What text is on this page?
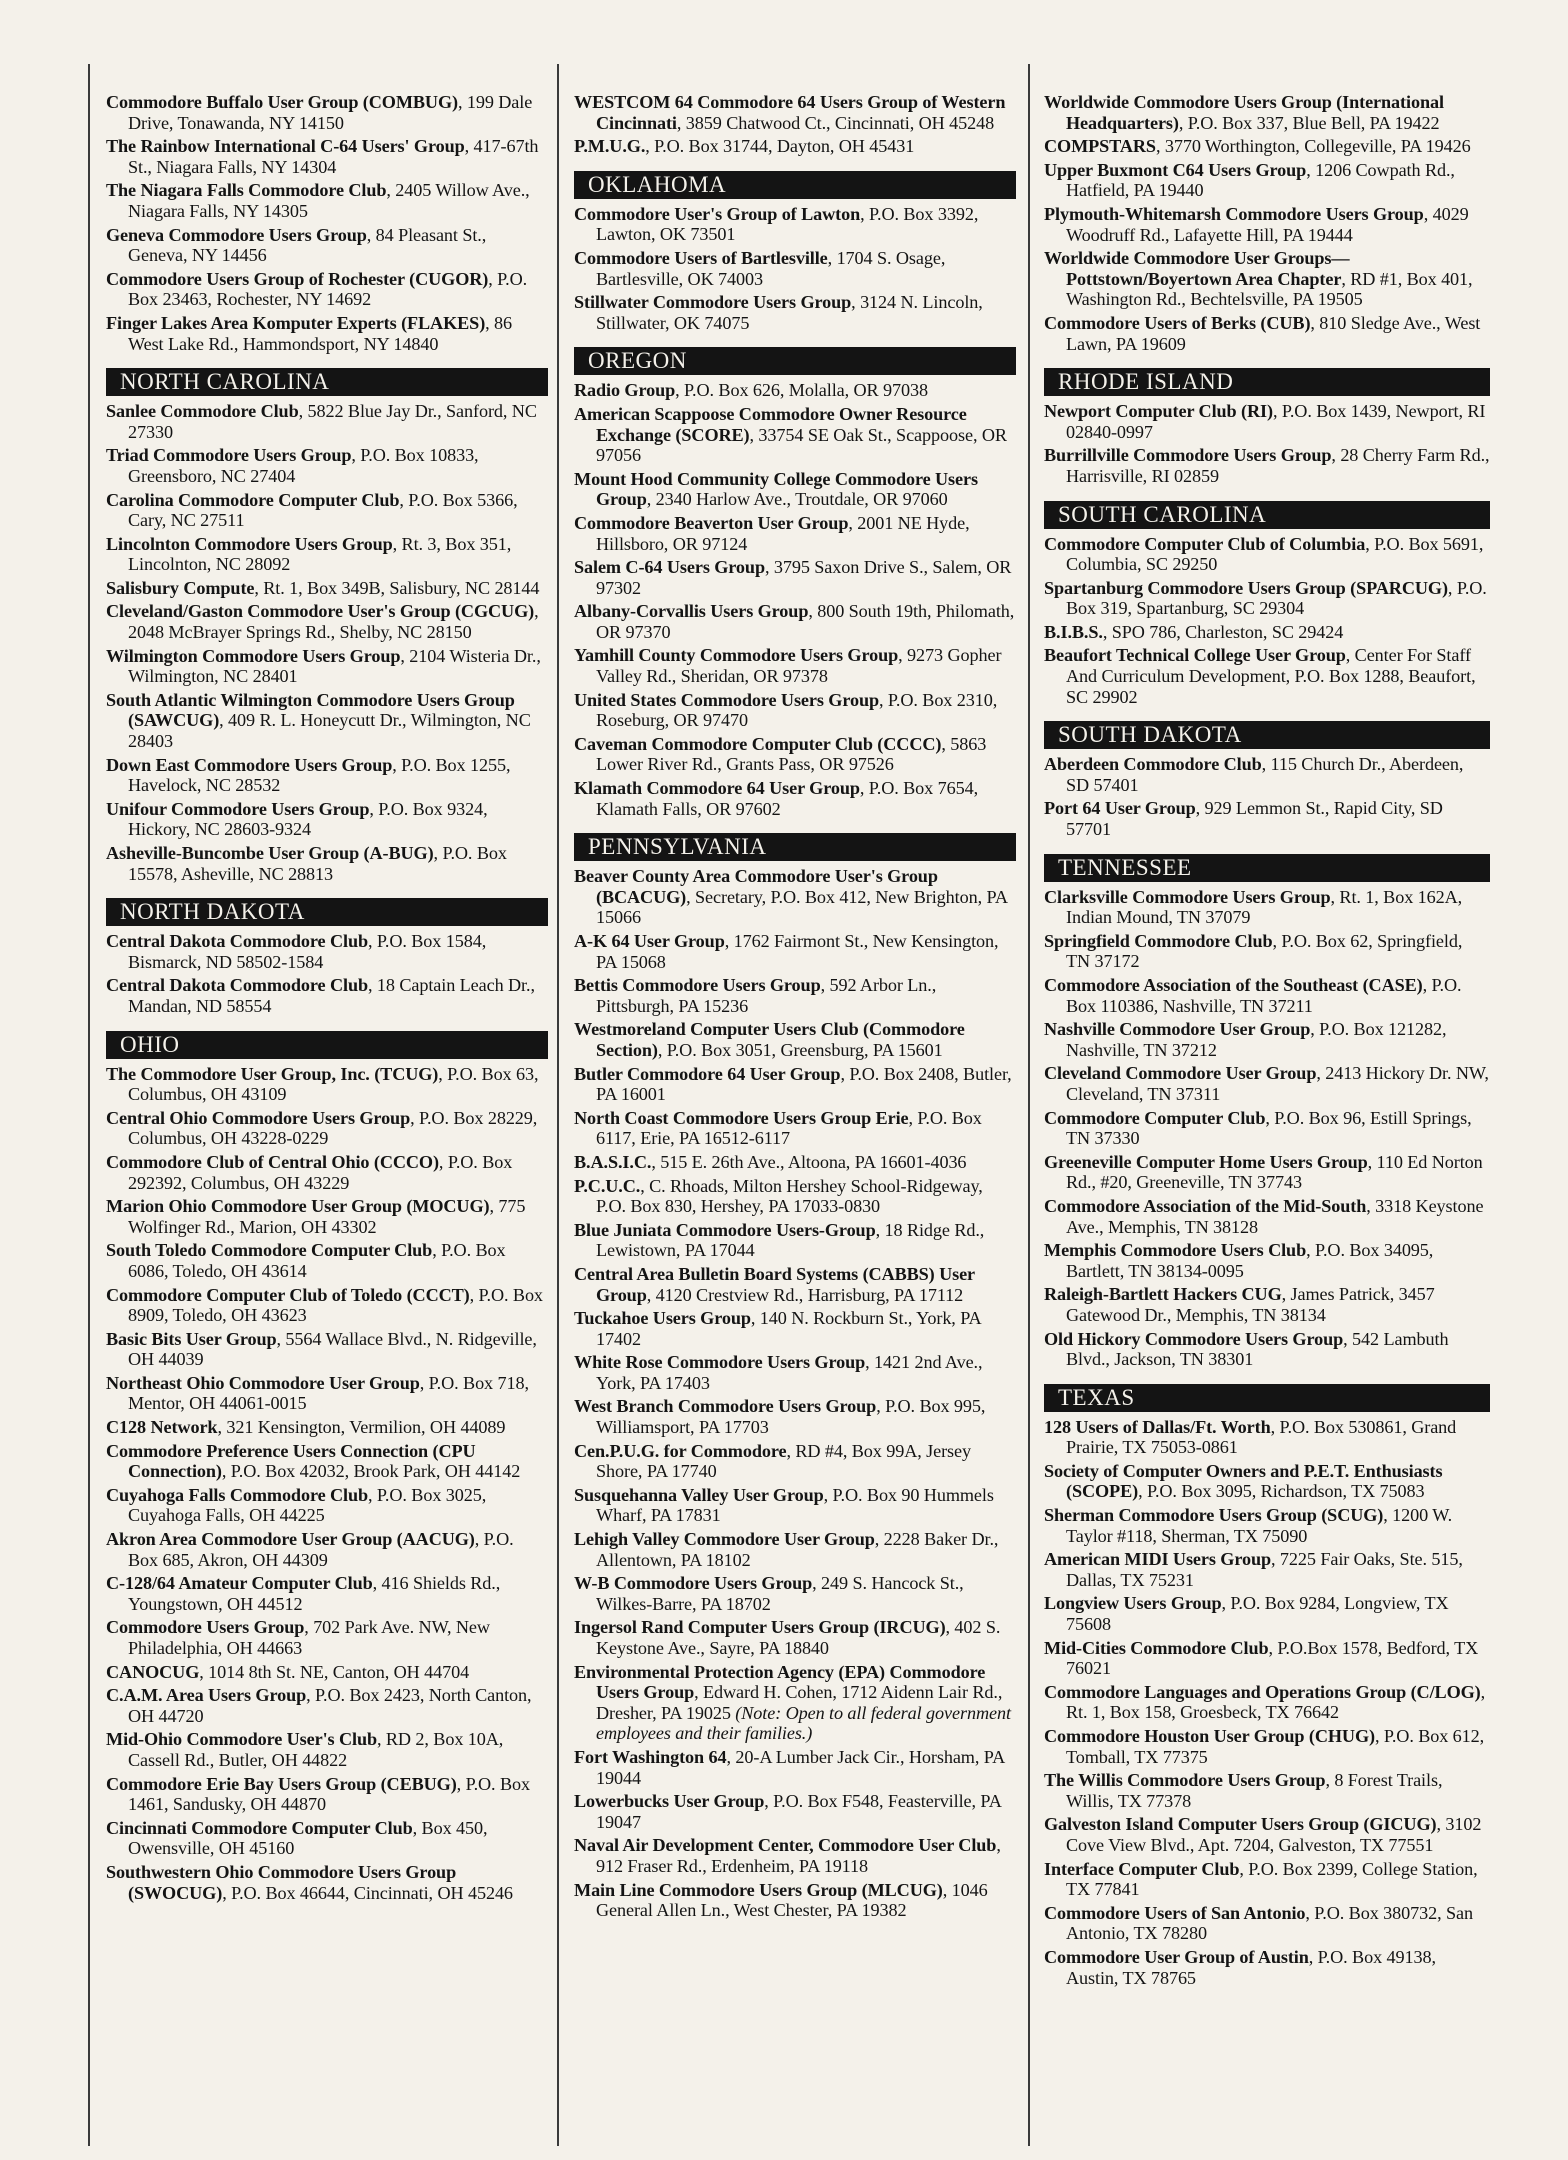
Commodore Buffalo User Group (COMBUG), 199 Dale Drive, Tonawanda, NY 14150
The Rainbow International C-64 Users' Group, 417-67th St., Niagara Falls, NY 14304
The Niagara Falls Commodore Club, 2405 Willow Ave., Niagara Falls, NY 14305
Geneva Commodore Users Group, 84 Pleasant St., Geneva, NY 14456
Commodore Users Group of Rochester (CUGOR), P.O. Box 23463, Rochester, NY 14692
Finger Lakes Area Komputer Experts (FLAKES), 86 West Lake Rd., Hammondsport, NY 14840
NORTH CAROLINA
Sanlee Commodore Club, 5822 Blue Jay Dr., Sanford, NC 27330
Triad Commodore Users Group, P.O. Box 10833, Greensboro, NC 27404
Carolina Commodore Computer Club, P.O. Box 5366, Cary, NC 27511
Lincolnton Commodore Users Group, Rt. 3, Box 351, Lincolnton, NC 28092
Salisbury Compute, Rt. 1, Box 349B, Salisbury, NC 28144
Cleveland/Gaston Commodore User's Group (CGCUG), 2048 McBrayer Springs Rd., Shelby, NC 28150
Wilmington Commodore Users Group, 2104 Wisteria Dr., Wilmington, NC 28401
South Atlantic Wilmington Commodore Users Group (SAWCUG), 409 R. L. Honeycutt Dr., Wilmington, NC 28403
Down East Commodore Users Group, P.O. Box 1255, Havelock, NC 28532
Unifour Commodore Users Group, P.O. Box 9324, Hickory, NC 28603-9324
Asheville-Buncombe User Group (A-BUG), P.O. Box 15578, Asheville, NC 28813
NORTH DAKOTA
Central Dakota Commodore Club, P.O. Box 1584, Bismarck, ND 58502-1584
Central Dakota Commodore Club, 18 Captain Leach Dr., Mandan, ND 58554
OHIO
The Commodore User Group, Inc. (TCUG), P.O. Box 63, Columbus, OH 43109
Central Ohio Commodore Users Group, P.O. Box 28229, Columbus, OH 43228-0229
Commodore Club of Central Ohio (CCCO), P.O. Box 292392, Columbus, OH 43229
Marion Ohio Commodore User Group (MOCUG), 775 Wolfinger Rd., Marion, OH 43302
South Toledo Commodore Computer Club, P.O. Box 6086, Toledo, OH 43614
Commodore Computer Club of Toledo (CCCT), P.O. Box 8909, Toledo, OH 43623
Basic Bits User Group, 5564 Wallace Blvd., N. Ridgeville, OH 44039
Northeast Ohio Commodore User Group, P.O. Box 718, Mentor, OH 44061-0015
C128 Network, 321 Kensington, Vermilion, OH 44089
Commodore Preference Users Connection (CPU Connection), P.O. Box 42032, Brook Park, OH 44142
Cuyahoga Falls Commodore Club, P.O. Box 3025, Cuyahoga Falls, OH 44225
Akron Area Commodore User Group (AACUG), P.O. Box 685, Akron, OH 44309
C-128/64 Amateur Computer Club, 416 Shields Rd., Youngstown, OH 44512
Commodore Users Group, 702 Park Ave. NW, New Philadelphia, OH 44663
CANOCUG, 1014 8th St. NE, Canton, OH 44704
C.A.M. Area Users Group, P.O. Box 2423, North Canton, OH 44720
Mid-Ohio Commodore User's Club, RD 2, Box 10A, Cassell Rd., Butler, OH 44822
Commodore Erie Bay Users Group (CEBUG), P.O. Box 1461, Sandusky, OH 44870
Cincinnati Commodore Computer Club, Box 450, Owensville, OH 45160
Southwestern Ohio Commodore Users Group (SWOCUG), P.O. Box 46644, Cincinnati, OH 45246
WESTCOM 64 Commodore 64 Users Group of Western Cincinnati, 3859 Chatwood Ct., Cincinnati, OH 45248
P.M.U.G., P.O. Box 31744, Dayton, OH 45431
OKLAHOMA
Commodore User's Group of Lawton, P.O. Box 3392, Lawton, OK 73501
Commodore Users of Bartlesville, 1704 S. Osage, Bartlesville, OK 74003
Stillwater Commodore Users Group, 3124 N. Lincoln, Stillwater, OK 74075
OREGON
Radio Group, P.O. Box 626, Molalla, OR 97038
American Scappoose Commodore Owner Resource Exchange (SCORE), 33754 SE Oak St., Scappoose, OR 97056
Mount Hood Community College Commodore Users Group, 2340 Harlow Ave., Troutdale, OR 97060
Commodore Beaverton User Group, 2001 NE Hyde, Hillsboro, OR 97124
Salem C-64 Users Group, 3795 Saxon Drive S., Salem, OR 97302
Albany-Corvallis Users Group, 800 South 19th, Philomath, OR 97370
Yamhill County Commodore Users Group, 9273 Gopher Valley Rd., Sheridan, OR 97378
United States Commodore Users Group, P.O. Box 2310, Roseburg, OR 97470
Caveman Commodore Computer Club (CCCC), 5863 Lower River Rd., Grants Pass, OR 97526
Klamath Commodore 64 User Group, P.O. Box 7654, Klamath Falls, OR 97602
PENNSYLVANIA
Beaver County Area Commodore User's Group (BCACUG), Secretary, P.O. Box 412, New Brighton, PA 15066
A-K 64 User Group, 1762 Fairmont St., New Kensington, PA 15068
Bettis Commodore Users Group, 592 Arbor Ln., Pittsburgh, PA 15236
Westmoreland Computer Users Club (Commodore Section), P.O. Box 3051, Greensburg, PA 15601
Butler Commodore 64 User Group, P.O. Box 2408, Butler, PA 16001
North Coast Commodore Users Group Erie, P.O. Box 6117, Erie, PA 16512-6117
B.A.S.I.C., 515 E. 26th Ave., Altoona, PA 16601-4036
P.C.U.C., C. Rhoads, Milton Hershey School-Ridgeway, P.O. Box 830, Hershey, PA 17033-0830
Blue Juniata Commodore Users-Group, 18 Ridge Rd., Lewistown, PA 17044
Central Area Bulletin Board Systems (CABBS) User Group, 4120 Crestview Rd., Harrisburg, PA 17112
Tuckahoe Users Group, 140 N. Rockburn St., York, PA 17402
White Rose Commodore Users Group, 1421 2nd Ave., York, PA 17403
West Branch Commodore Users Group, P.O. Box 995, Williamsport, PA 17703
Cen.P.U.G. for Commodore, RD #4, Box 99A, Jersey Shore, PA 17740
Susquehanna Valley User Group, P.O. Box 90 Hummels Wharf, PA 17831
Lehigh Valley Commodore User Group, 2228 Baker Dr., Allentown, PA 18102
W-B Commodore Users Group, 249 S. Hancock St., Wilkes-Barre, PA 18702
Ingersol Rand Computer Users Group (IRCUG), 402 S. Keystone Ave., Sayre, PA 18840
Environmental Protection Agency (EPA) Commodore Users Group, Edward H. Cohen, 1712 Aidenn Lair Rd., Dresher, PA 19025 (Note: Open to all federal government employees and their families.)
Fort Washington 64, 20-A Lumber Jack Cir., Horsham, PA 19044
Lowerbucks User Group, P.O. Box F548, Feasterville, PA 19047
Naval Air Development Center, Commodore User Club, 912 Fraser Rd., Erdenheim, PA 19118
Main Line Commodore Users Group (MLCUG), 1046 General Allen Ln., West Chester, PA 19382
Worldwide Commodore Users Group (International Headquarters), P.O. Box 337, Blue Bell, PA 19422
COMPSTARS, 3770 Worthington, Collegeville, PA 19426
Upper Buxmont C64 Users Group, 1206 Cowpath Rd., Hatfield, PA 19440
Plymouth-Whitemarsh Commodore Users Group, 4029 Woodruff Rd., Lafayette Hill, PA 19444
Worldwide Commodore User Groups—Pottstown/Boyertown Area Chapter, RD #1, Box 401, Washington Rd., Bechtelsville, PA 19505
Commodore Users of Berks (CUB), 810 Sledge Ave., West Lawn, PA 19609
RHODE ISLAND
Newport Computer Club (RI), P.O. Box 1439, Newport, RI 02840-0997
Burrillville Commodore Users Group, 28 Cherry Farm Rd., Harrisville, RI 02859
SOUTH CAROLINA
Commodore Computer Club of Columbia, P.O. Box 5691, Columbia, SC 29250
Spartanburg Commodore Users Group (SPARCUG), P.O. Box 319, Spartanburg, SC 29304
B.I.B.S., SPO 786, Charleston, SC 29424
Beaufort Technical College User Group, Center For Staff And Curriculum Development, P.O. Box 1288, Beaufort, SC 29902
SOUTH DAKOTA
Aberdeen Commodore Club, 115 Church Dr., Aberdeen, SD 57401
Port 64 User Group, 929 Lemmon St., Rapid City, SD 57701
TENNESSEE
Clarksville Commodore Users Group, Rt. 1, Box 162A, Indian Mound, TN 37079
Springfield Commodore Club, P.O. Box 62, Springfield, TN 37172
Commodore Association of the Southeast (CASE), P.O. Box 110386, Nashville, TN 37211
Nashville Commodore User Group, P.O. Box 121282, Nashville, TN 37212
Cleveland Commodore User Group, 2413 Hickory Dr. NW, Cleveland, TN 37311
Commodore Computer Club, P.O. Box 96, Estill Springs, TN 37330
Greeneville Computer Home Users Group, 110 Ed Norton Rd., #20, Greeneville, TN 37743
Commodore Association of the Mid-South, 3318 Keystone Ave., Memphis, TN 38128
Memphis Commodore Users Club, P.O. Box 34095, Bartlett, TN 38134-0095
Raleigh-Bartlett Hackers CUG, James Patrick, 3457 Gatewood Dr., Memphis, TN 38134
Old Hickory Commodore Users Group, 542 Lambuth Blvd., Jackson, TN 38301
TEXAS
128 Users of Dallas/Ft. Worth, P.O. Box 530861, Grand Prairie, TX 75053-0861
Society of Computer Owners and P.E.T. Enthusiasts (SCOPE), P.O. Box 3095, Richardson, TX 75083
Sherman Commodore Users Group (SCUG), 1200 W. Taylor #118, Sherman, TX 75090
American MIDI Users Group, 7225 Fair Oaks, Ste. 515, Dallas, TX 75231
Longview Users Group, P.O. Box 9284, Longview, TX 75608
Mid-Cities Commodore Club, P.O.Box 1578, Bedford, TX 76021
Commodore Languages and Operations Group (C/LOG), Rt. 1, Box 158, Groesbeck, TX 76642
Commodore Houston User Group (CHUG), P.O. Box 612, Tomball, TX 77375
The Willis Commodore Users Group, 8 Forest Trails, Willis, TX 77378
Galveston Island Computer Users Group (GICUG), 3102 Cove View Blvd., Apt. 7204, Galveston, TX 77551
Interface Computer Club, P.O. Box 2399, College Station, TX 77841
Commodore Users of San Antonio, P.O. Box 380732, San Antonio, TX 78280
Commodore User Group of Austin, P.O. Box 49138, Austin, TX 78765
